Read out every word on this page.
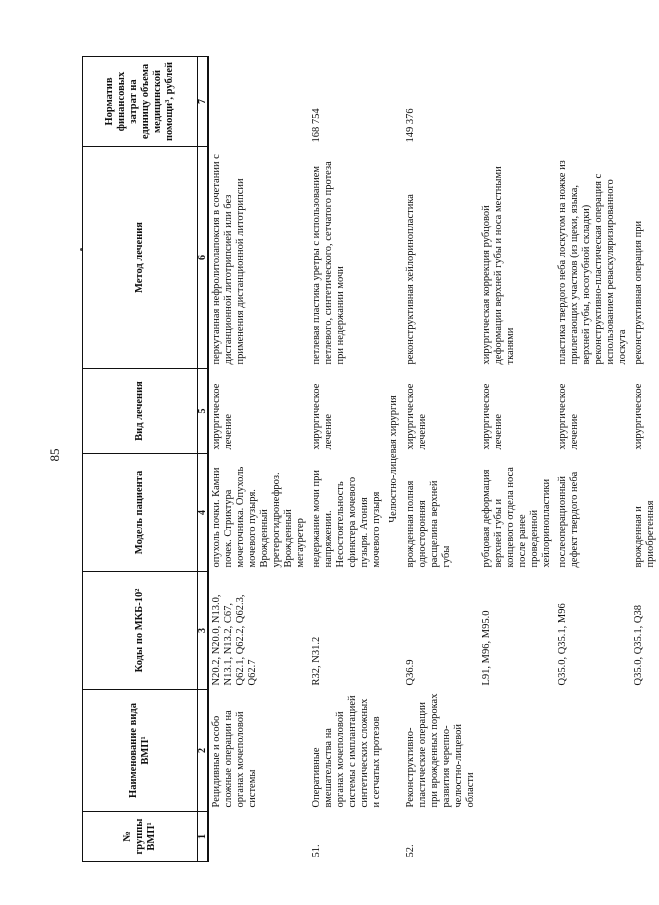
85
№ группы ВМП¹	Наименование вида ВМП¹	Коды по МКБ-10²	Модель пациента	Вид лечения	Метод лечения	Норматив финансовых затрат на единицу объема медицинской помощи³, рублей
1	2	3	4	5	6	7
	Рецидивные и особо сложные операции на органах мочеполовой системы	N20.2, N20.0, N13.0, N13.1, N13.2, C67, Q62.1, Q62.2, Q62.3, Q62.7	опухоль почки. Камни почек. Стриктура мочеточника. Опухоль мочевого пузыря. Врожденный уретерогидронефроз. Врожденный мегауретер	хирургическое лечение	перкутанная нефролитолапоксия в сочетании с дистанционной литотрипсией или без применения дистанционной литотрипсии	
51.	Оперативные вмешательства на органах мочеполовой системы с имплантацией синтетических сложных и сетчатых протезов	R32, N31.2	недержание мочи при напряжении. Несостоятельность сфинктера мочевого пузыря. Атония мочевого пузыря	хирургическое лечение	петлевая пластика уретры с использованием петлевого, синтетического, сетчатого протеза при недержании мочи	168 754
Челюстно-лицевая хирургия						
52.	Реконструктивно-пластические операции при врожденных пороках развития черепно-челюстно-лицевой области	Q36.9	врожденная полная односторонняя расщелина верхней губы	хирургическое лечение	реконструктивная хейлоринопластика	149 376
		L91, M96, M95.0	рубцовая деформация верхней губы и концевого отдела носа после ранее проведенной хейлоринопластики	хирургическое лечение	хирургическая коррекция рубцовой деформации верхней губы и носа местными тканями	
		Q35.0, Q35.1, M96	послеоперационный дефект твердого неба	хирургическое лечение	пластика твердого неба лоскутом на ножке из прилегающих участков (из щеки, языка, верхней губы, носогубной складки) реконструктивно-пластическая операция с использованием реваскуляризированного лоскута	

		Q35.0, Q35.1, Q38	врожденная и приобретенная	хирургическое	реконструктивная операция при	
